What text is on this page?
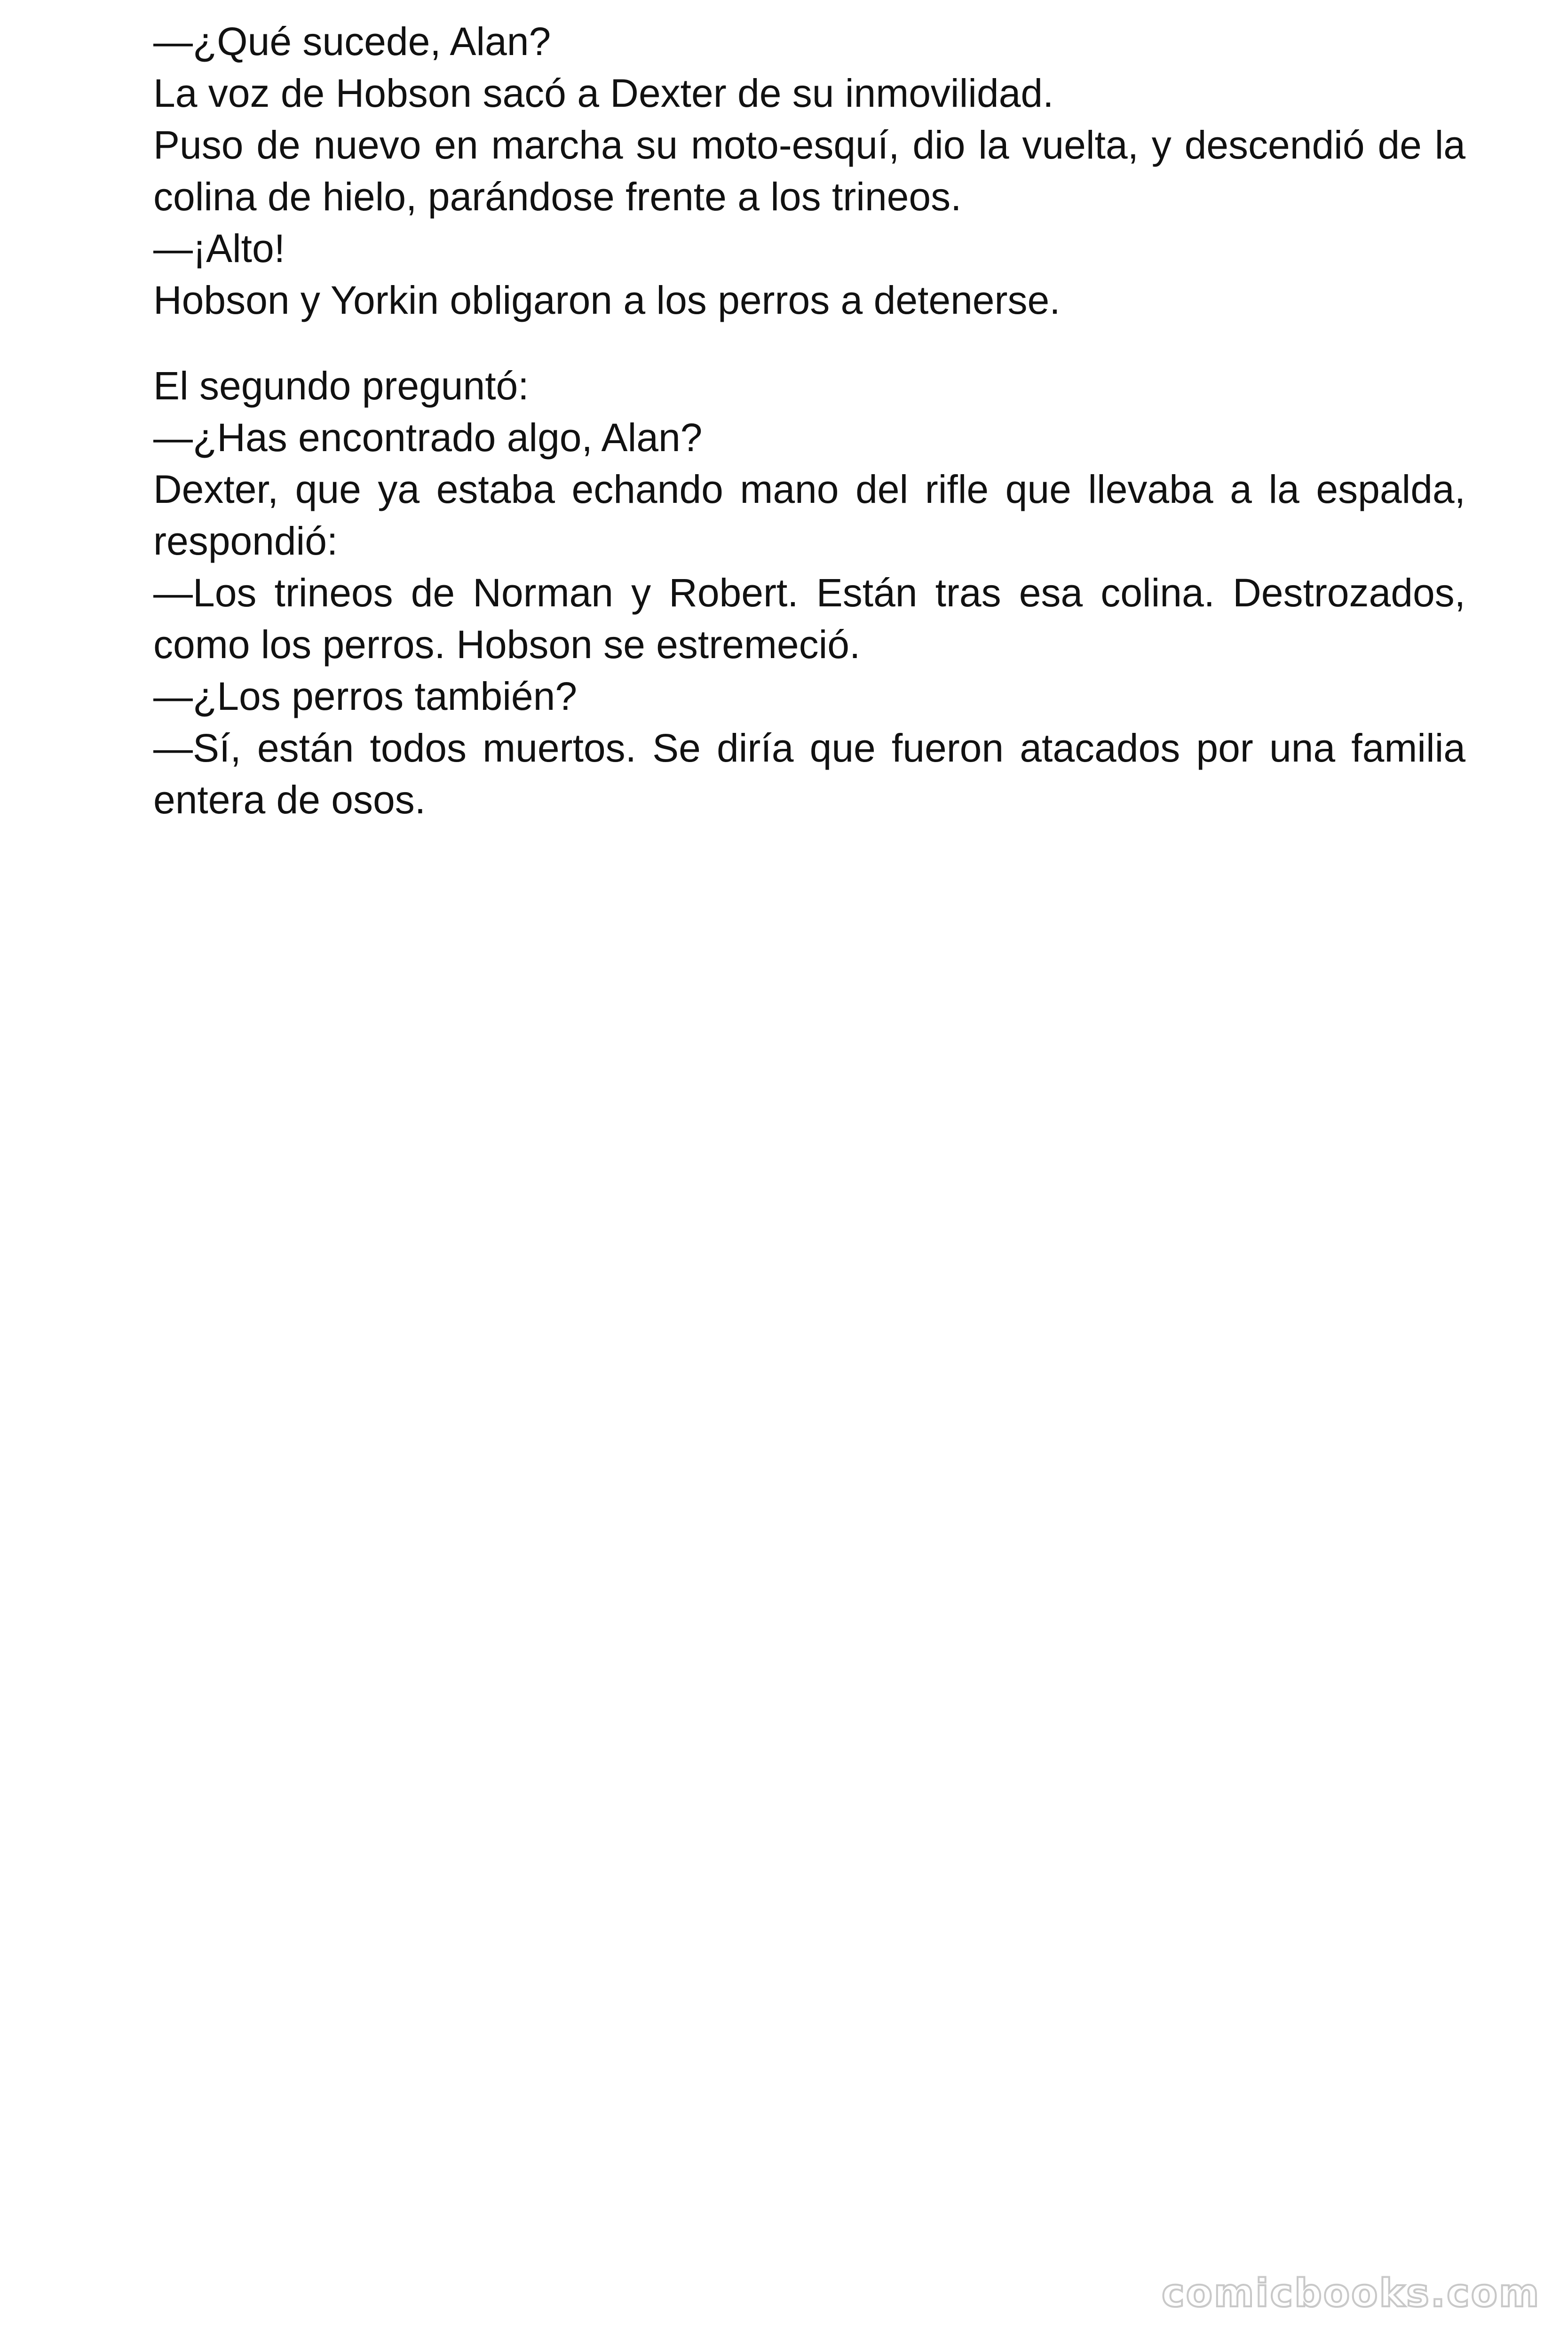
—¿Qué sucede, Alan?

La voz de Hobson sacó a Dexter de su inmovilidad.

Puso de nuevo en marcha su moto-esquí, dio la vuelta, y descendió de la colina de hielo, parándose frente a los trineos.

—¡Alto!

Hobson y Yorkin obligaron a los perros a detenerse.

El segundo preguntó:

—¿Has encontrado algo, Alan?

Dexter, que ya estaba echando mano del rifle que llevaba a la espalda, respondió:

—Los trineos de Norman y Robert. Están tras esa colina. Destrozados, como los perros. Hobson se estremeció.

—¿Los perros también?

—Sí, están todos muertos. Se diría que fueron atacados por una familia entera de osos.

comicbooks.com
